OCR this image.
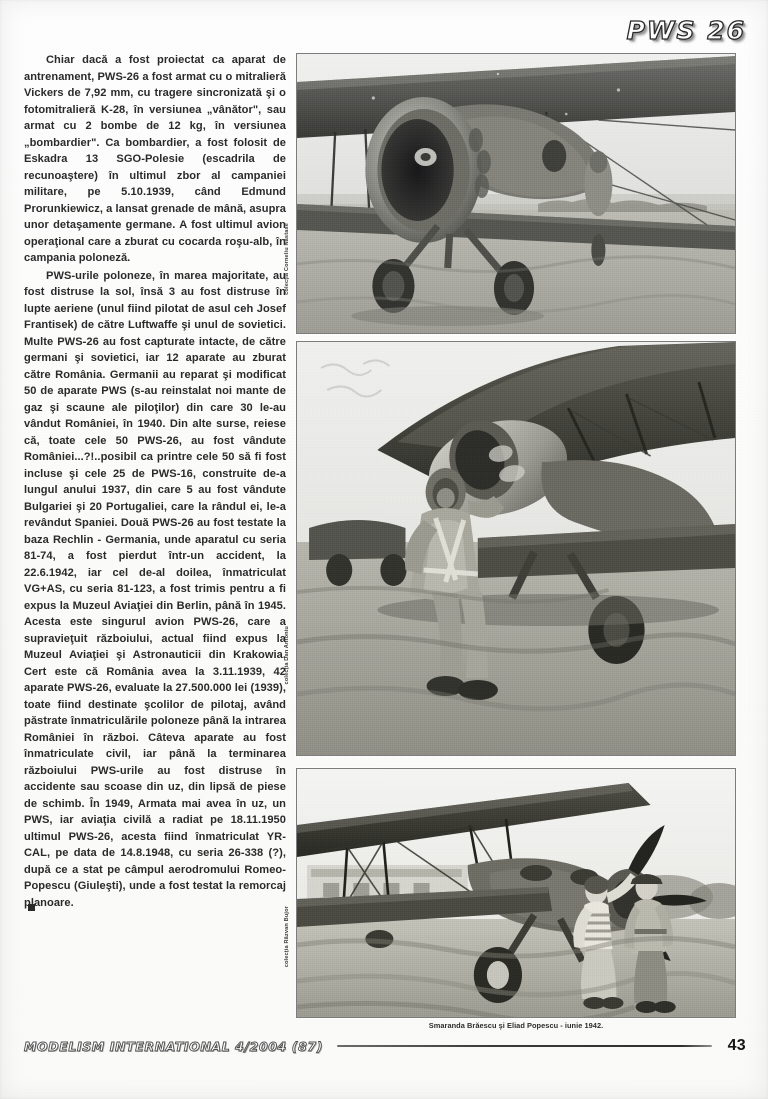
PWS 26

Chiar dacă a fost proiectat ca aparat de antrenament, PWS-26 a fost armat cu o mitralieră Vickers de 7,92 mm, cu tragere sincronizată şi o fotomitralieră K-28, în versiunea „vânător", sau armat cu 2 bombe de 12 kg, în versiunea „bombardier". Ca bombardier, a fost folosit de Eskadra 13 SGO-Polesie (escadrila de recunoaştere) în ultimul zbor al campaniei militare, pe 5.10.1939, când Edmund Prorunkiewicz, a lansat grenade de mână, asupra unor detaşamente germane. A fost ultimul avion operaţional care a zburat cu cocarda roşu-alb, în campania poloneză.

PWS-urile poloneze, în marea majoritate, au fost distruse la sol, însă 3 au fost distruse în lupte aeriene (unul fiind pilotat de asul ceh Josef Frantisek) de către Luftwaffe şi unul de sovietici. Multe PWS-26 au fost capturate intacte, de către germani şi sovietici, iar 12 aparate au zburat către România. Germanii au reparat şi modificat 50 de aparate PWS (s-au reinstalat noi mante de gaz şi scaune ale piloţilor) din care 30 le-au vândut României, în 1940. Din alte surse, reiese că, toate cele 50 PWS-26, au fost vândute României...?!..posibil ca printre cele 50 să fi fost incluse şi cele 25 de PWS-16, construite de-a lungul anului 1937, din care 5 au fost vândute Bulgariei şi 20 Portugaliei, care la rândul ei, le-a revândut Spaniei. Două PWS-26 au fost testate la baza Rechlin - Germania, unde aparatul cu seria 81-74, a fost pierdut într-un accident, la 22.6.1942, iar cel de-al doilea, înmatriculat VG+AS, cu seria 81-123, a fost trimis pentru a fi expus la Muzeul Aviaţiei din Berlin, până în 1945. Acesta este singurul avion PWS-26, care a supravieţuit războiului, actual fiind expus la Muzeul Aviaţiei şi Astronauticii din Krakowia. Cert este că România avea la 3.11.1939, 42 aparate PWS-26, evaluate la 27.500.000 lei (1939), toate fiind destinate şcolilor de pilotaj, având păstrate înmatriculările poloneze până la intrarea României în război. Câteva aparate au fost înmatriculate civil, iar până la terminarea războiului PWS-urile au fost distruse în accidente sau scoase din uz, din lipsă de piese de schimb. În 1949, Armata mai avea în uz, un PWS, iar aviaţia civilă a radiat pe 18.11.1950 ultimul PWS-26, acesta fiind înmatriculat YR-CAL, pe data de 14.8.1948, cu seria 26-338 (?), după ce a stat pe câmpul aerodromului Romeo-Popescu (Giuleşti), unde a fost testat la remorcaj planoare.

colecţia Corneliu Năstase
colecţia Dan Antoniu
colecţia Răzvan Bujor
Smaranda Brăescu şi Eliad Popescu - iunie 1942.
MODELISM INTERNATIONAL 4/2004 (87)	43
